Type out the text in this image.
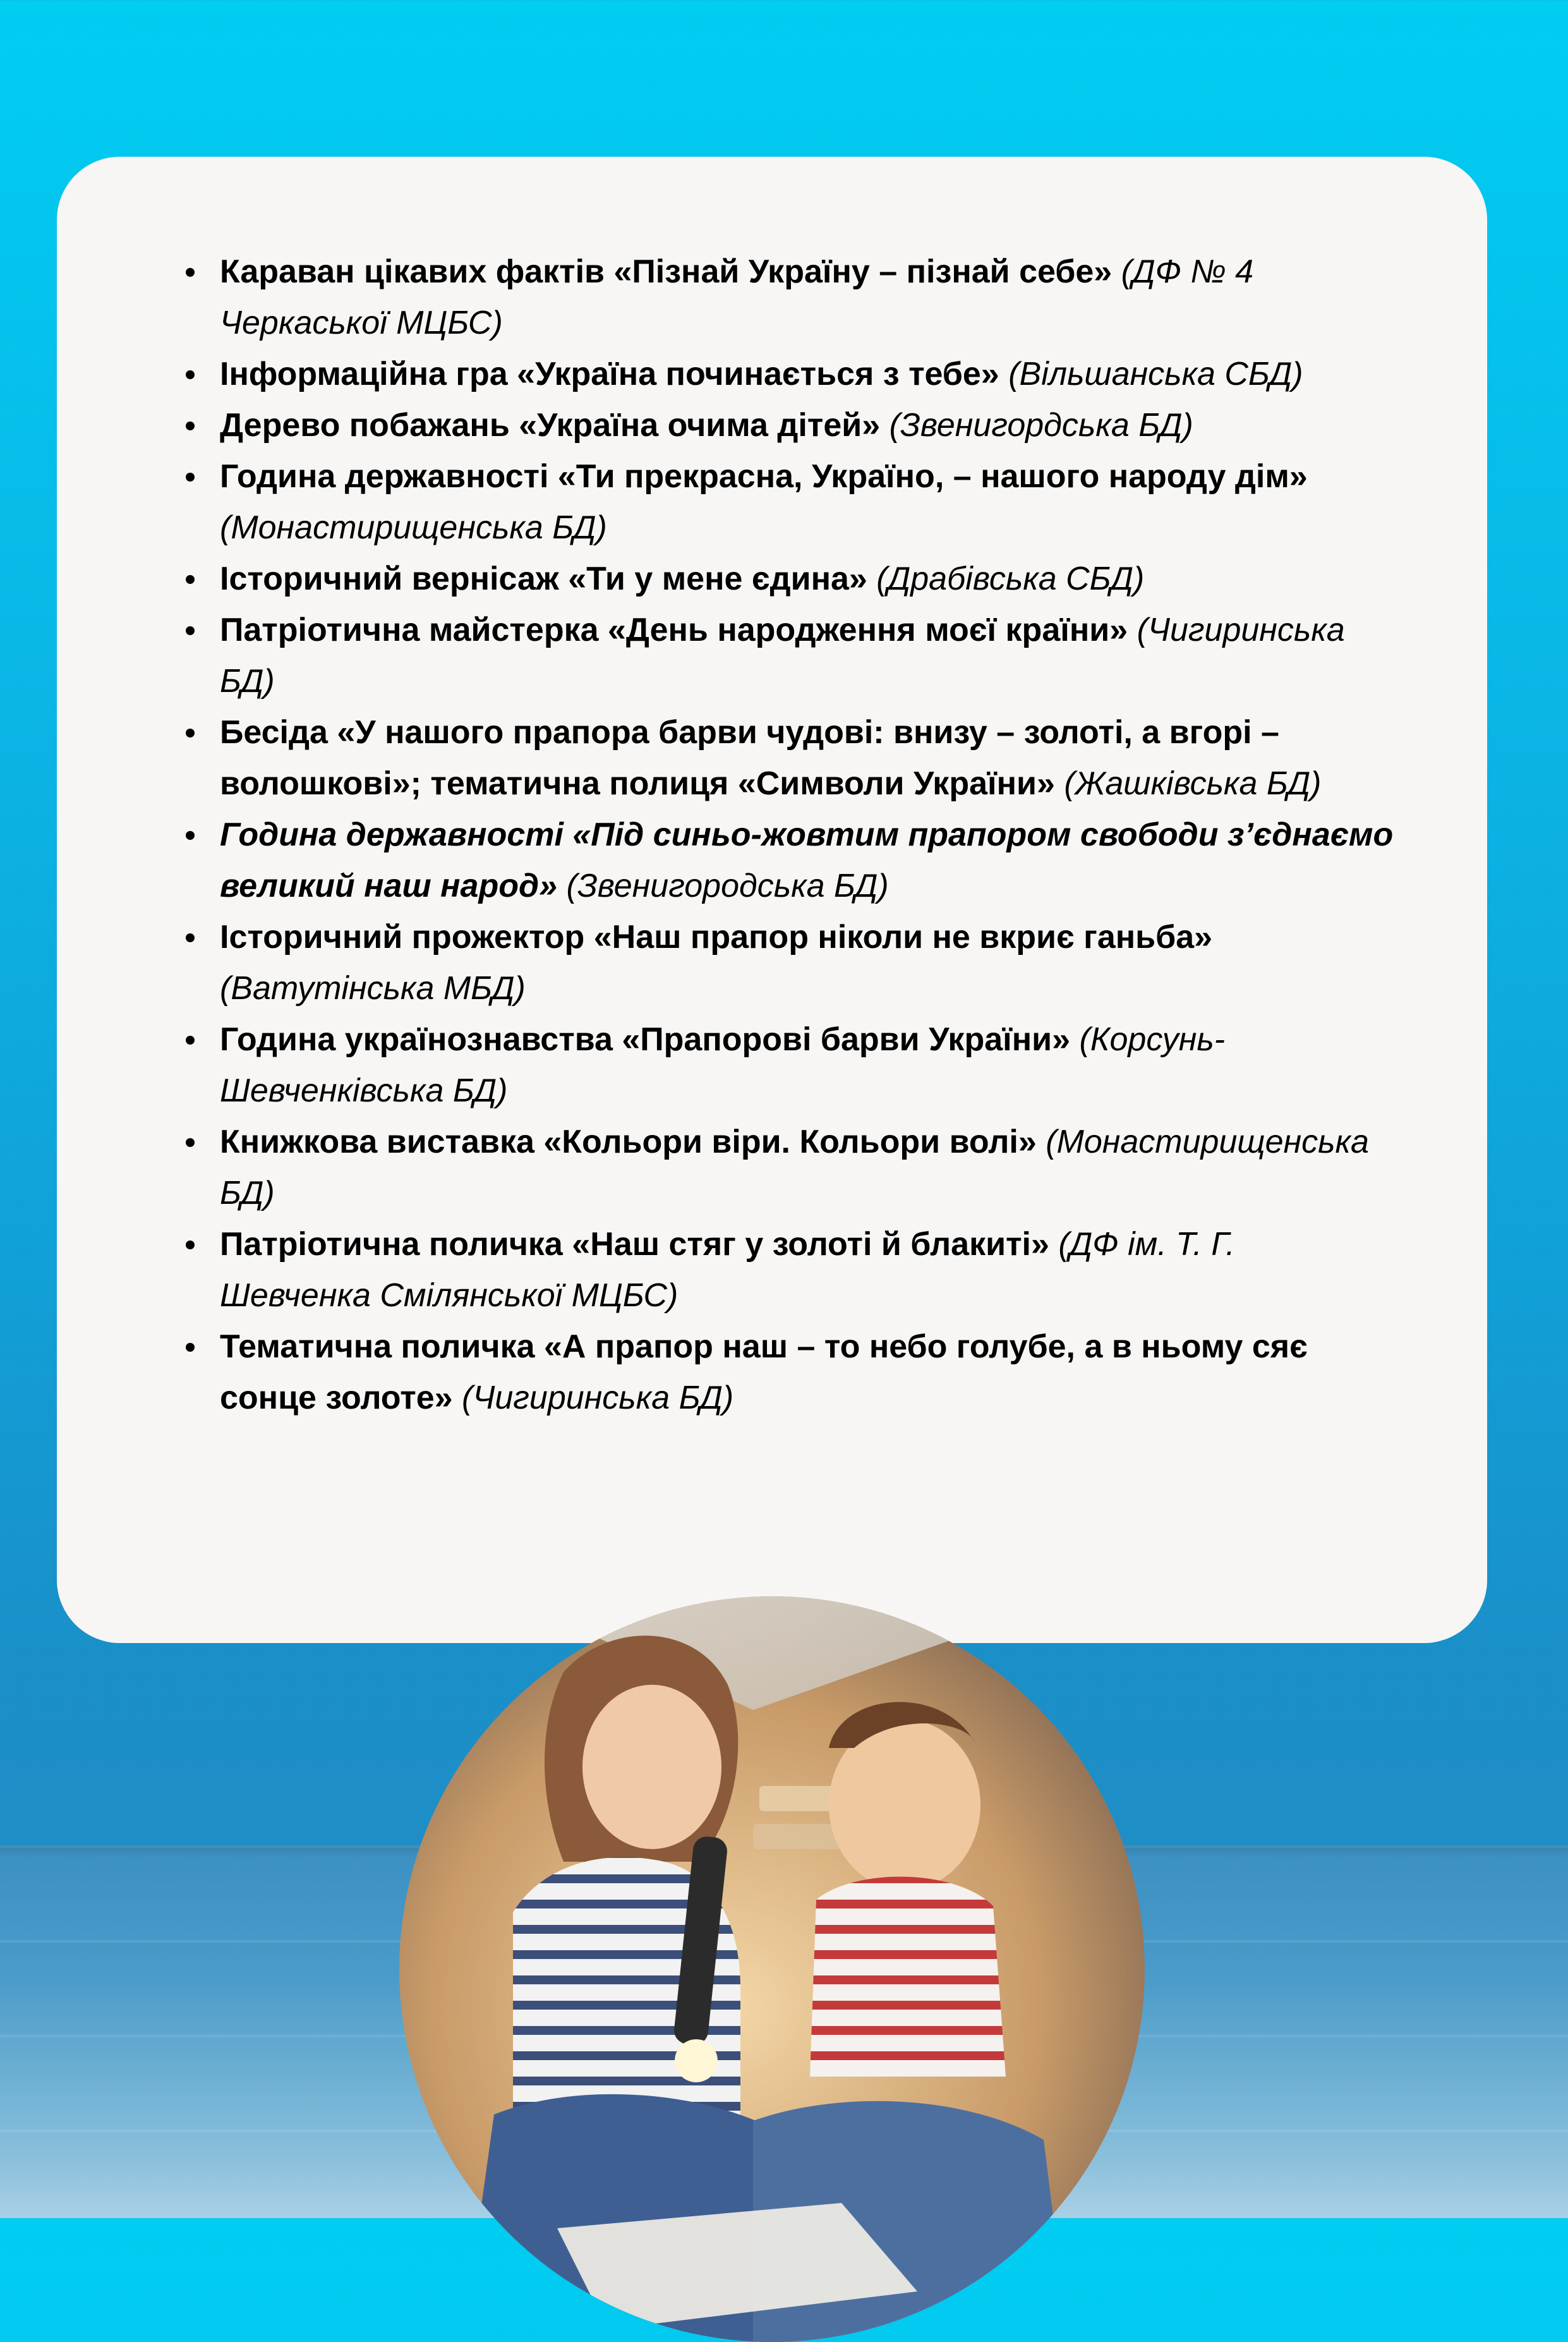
Караван цікавих фактів «Пізнай Україну – пізнай себе» (ДФ № 4 Черкаської МЦБС)
Інформаційна гра «Україна починається з тебе» (Вільшанська СБД)
Дерево побажань «Україна очима дітей» (Звенигордська БД)
Година державності «Ти прекрасна, Україно, – нашого народу дім» (Монастирищенська БД)
Історичний вернісаж «Ти у мене єдина» (Драбівська СБД)
Патріотична майстерка «День народження моєї країни» (Чигиринська БД)
Бесіда «У нашого прапора барви чудові: внизу – золоті, а вгорі – волошкові»; тематична полиця «Символи України» (Жашківська БД)
Година державності «Під синьо-жовтим прапором свободи з’єднаємо великий наш народ» (Звенигородська БД)
Історичний прожектор «Наш прапор ніколи не вкриє ганьба» (Ватутінська МБД)
Година українознавства «Прапорові барви України» (Корсунь-Шевченківська БД)
Книжкова виставка «Кольори віри. Кольори волі» (Монастирищенська БД)
Патріотична поличка «Наш стяг у золоті й блакиті» (ДФ ім. Т. Г. Шевченка Смілянської МЦБС)
Тематична поличка «А прапор наш – то небо голубе, а в ньому сяє сонце золоте» (Чигиринська БД)
